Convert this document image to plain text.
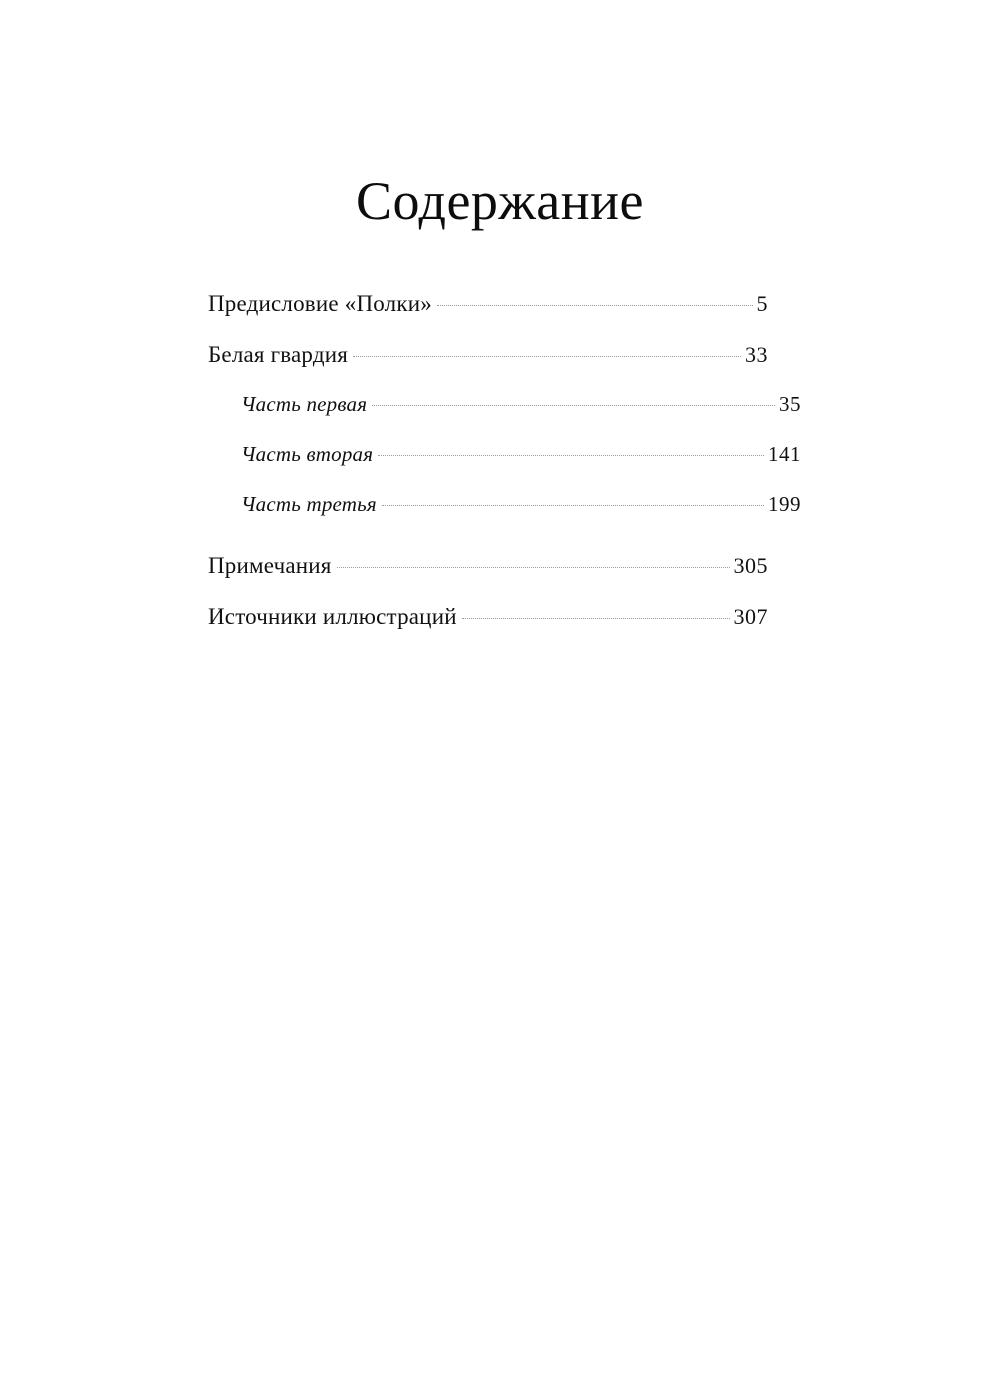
Содержание
Предисловие «Полки»	5
Белая гвардия	33
Часть первая	35
Часть вторая	141
Часть третья	199
Примечания	305
Источники иллюстраций	307
